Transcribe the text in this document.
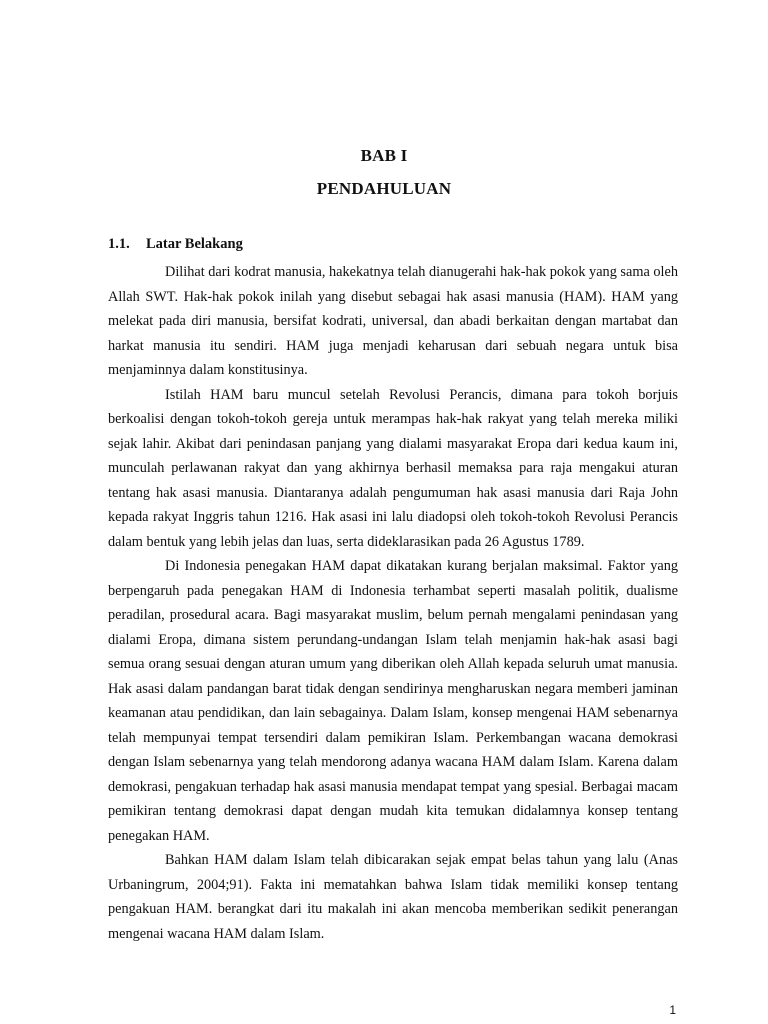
BAB I
PENDAHULUAN
1.1. Latar Belakang

Dilihat dari kodrat manusia, hakekatnya telah dianugerahi hak-hak pokok yang sama oleh Allah SWT. Hak-hak pokok inilah yang disebut sebagai hak asasi manusia (HAM). HAM yang melekat pada diri manusia, bersifat kodrati, universal, dan abadi berkaitan dengan martabat dan harkat manusia itu sendiri. HAM juga menjadi keharusan dari sebuah negara untuk bisa menjaminnya dalam konstitusinya.

Istilah HAM baru muncul setelah Revolusi Perancis, dimana para tokoh borjuis berkoalisi dengan tokoh-tokoh gereja untuk merampas hak-hak rakyat yang telah mereka miliki sejak lahir. Akibat dari penindasan panjang yang dialami masyarakat Eropa dari kedua kaum ini, munculah perlawanan rakyat dan yang akhirnya berhasil memaksa para raja mengakui aturan tentang hak asasi manusia. Diantaranya adalah pengumuman hak asasi manusia dari Raja John kepada rakyat Inggris tahun 1216. Hak asasi ini lalu diadopsi oleh tokoh-tokoh Revolusi Perancis dalam bentuk yang lebih jelas dan luas, serta dideklarasikan pada 26 Agustus 1789.

Di Indonesia penegakan HAM dapat dikatakan kurang berjalan maksimal. Faktor yang berpengaruh pada penegakan HAM di Indonesia terhambat seperti masalah politik, dualisme peradilan, prosedural acara. Bagi masyarakat muslim, belum pernah mengalami penindasan yang dialami Eropa, dimana sistem perundang-undangan Islam telah menjamin hak-hak asasi bagi semua orang sesuai dengan aturan umum yang diberikan oleh Allah kepada seluruh umat manusia. Hak asasi dalam pandangan barat tidak dengan sendirinya mengharuskan negara memberi jaminan keamanan atau pendidikan, dan lain sebagainya. Dalam Islam, konsep mengenai HAM sebenarnya telah mempunyai tempat tersendiri dalam pemikiran Islam. Perkembangan wacana demokrasi dengan Islam sebenarnya yang telah mendorong adanya wacana HAM dalam Islam. Karena dalam demokrasi, pengakuan terhadap hak asasi manusia mendapat tempat yang spesial. Berbagai macam pemikiran tentang demokrasi dapat dengan mudah kita temukan didalamnya konsep tentang penegakan HAM.

Bahkan HAM dalam Islam telah dibicarakan sejak empat belas tahun yang lalu (Anas Urbaningrum, 2004;91). Fakta ini mematahkan bahwa Islam tidak memiliki konsep tentang pengakuan HAM. berangkat dari itu makalah ini akan mencoba memberikan sedikit penerangan mengenai wacana HAM dalam Islam.

1
